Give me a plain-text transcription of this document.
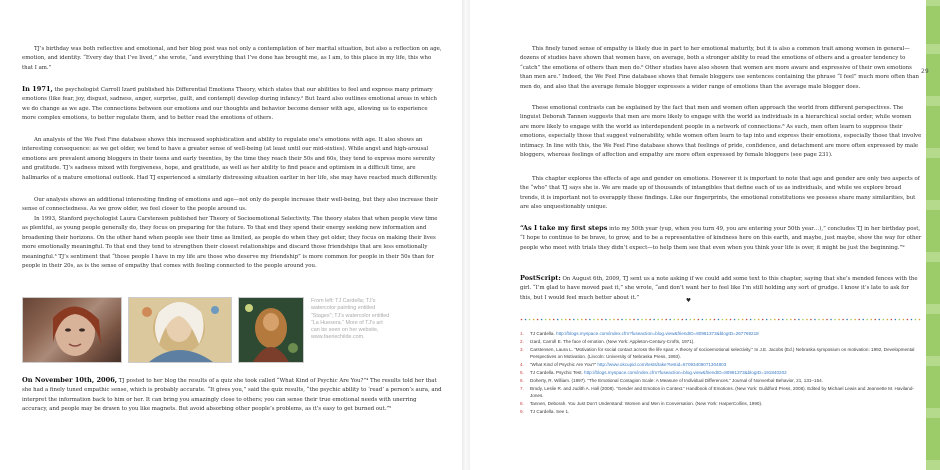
TJ’s birthday was both reflective and emotional, and her blog post was not only a contemplation of her marital situation, but also a reflection on age, emotion, and identity. “Every day that I’ve lived,” she wrote, “and everything that I’ve done has brought me, as I am, to this place in my life, this who that I am.”

In 1971, the psychologist Carroll Izard published his Differential Emotions Theory, which states that our abilities to feel and express many primary emotions (like fear, joy, disgust, sadness, anger, surprise, guilt, and contempt) develop during infancy.² But Izard also outlines emotional areas in which we do change as we age. The connections between our emotions and our thoughts and behavior become denser with age, allowing us to experience more complex emotions, to better regulate them, and to better read the emotions of others.

An analysis of the We Feel Fine database shows this increased sophistication and ability to regulate one’s emotions with age. It also shows an interesting consequence: as we get older, we tend to have a greater sense of well-being (at least until our mid-sixties). While angst and high-arousal emotions are prevalent among bloggers in their teens and early twenties, by the time they reach their 50s and 60s, they tend to express more serenity and gratitude. TJ’s sadness mixed with forgiveness, hope, and gratitude, as well as her ability to find peace and optimism in a difficult time, are hallmarks of a mature emotional outlook. Had TJ experienced a similarly distressing situation earlier in her life, she may have reacted much differently.

Our analysis shows an additional interesting finding of emotions and age—not only do people increase their well-being, but they also increase their sense of connectedness. As we grow older, we feel closer to the people around us.

In 1993, Stanford psychologist Laura Carstensen published her Theory of Socioemotional Selectivity. The theory states that when people view time as plentiful, as young people generally do, they focus on preparing for the future. To that end they spend their energy seeking new information and broadening their horizons. On the other hand when people see their time as limited, as people do when they get older, they focus on making their lives more emotionally meaningful. To that end they tend to strengthen their closest relationships and discard those friendships that are less emotionally meaningful.³ TJ’s sentiment that “those people I have in my life are those who deserve my friendship” is more common for people in their 50s than for people in their 20s, as is the sense of empathy that comes with feeling connected to the people around you.

From left: TJ Cardella; TJ’s watercolor painting entitled “Stages”; TJ’s watercolor entitled “La Huesera.” More of TJ’s art can be seen on her website, www.faeriechilde.com.

On November 10th, 2006, TJ posted to her blog the results of a quiz she took called “What Kind of Psychic Are You?”⁴ The results told her that she had a finely tuned empathic sense, which is probably accurate. “It gives you,” said the quiz results, “the psychic ability to ‘read’ a person’s aura, and interpret the information back to him or her. It can bring you amazingly close to others; you can sense their true emotional needs with unerring accuracy, and people may be drawn to you like magnets. But avoid absorbing other people’s problems, as it’s easy to get burned out.”⁵

This finely tuned sense of empathy is likely due in part to her emotional maturity, but it is also a common trait among women in general—dozens of studies have shown that women have, on average, both a stronger ability to read the emotions of others and a greater tendency to “catch” the emotions of others than men do.⁶ Other studies have also shown that women are more aware and expressive of their own emotions than men are.⁷ Indeed, the We Feel Fine database shows that female bloggers use sentences containing the phrase “I feel” much more often than men do, and also that the average female blogger expresses a wider range of emotions than the average male blogger does.

These emotional contrasts can be explained by the fact that men and women often approach the world from different perspectives. The linguist Deborah Tannen suggests that men are more likely to engage with the world as individuals in a hierarchical social order, while women are more likely to engage with the world as interdependent people in a network of connections.⁸ As such, men often learn to suppress their emotions, especially those that suggest vulnerability, while women often learn to tap into and express their emotions, especially those that involve intimacy. In line with this, the We Feel Fine database shows that feelings of pride, confidence, and detachment are more often expressed by male bloggers, whereas feelings of affection and empathy are more often expressed by female bloggers (see page 231).

This chapter explores the effects of age and gender on emotions. However it is important to note that age and gender are only two aspects of the “who” that TJ says she is. We are made up of thousands of intangibles that define each of us as individuals, and while we explore broad trends, it is important not to overapply these findings. Like our fingerprints, the emotional constitutions we possess share many similarities, but are also unquestionably unique.

“As I take my first steps into my 50th year (yup, when you turn 49, you are entering your 50th year…),” concludes TJ in her birthday post, “I hope to continue to be brave, to grow, and to be a representative of kindness here on this earth, and maybe, just maybe, show the way for other people who meet with trials they didn’t expect—to help them see that even when you think your life is over, it might be just the beginning.”⁹

PostScript: On August 6th, 2009, TJ sent us a note asking if we could add some text to this chapter, saying that she’s mended fences with the girl. “I’m glad to have moved past it,” she wrote, “and don’t want her to feel like I’m still holding any sort of grudge. I know it’s late to ask for this, but I would feel much better about it.”

♥
1. TJ Cardella. http://blogs.myspace.com/index.cfm?fuseaction=blog.view&friendID=80981373&blogID=267769218
2. Izard, Carroll E. The face of emotion. (New York: Appleton-Century-Crofts, 1971).
3. Carstensen, Laura L. “Motivation for social contact across the life span: A theory of socioemotional selectivity.” In J.E. Jacobs (Ed.) Nebraska symposium on motivation: 1992, Developmental Perspectives on Motivation. (Lincoln: University of Nebraska Press, 1993).
4. “What Kind of Psychic Are You?” http://www.okcupid.com/tests/take?testid=67093409071304803
5. TJ Cardella. Psychic Test. http://blogs.myspace.com/index.cfm?fuseaction=blog.view&friendID=80981373&blogID=191840202
6. Doherty, R. William. (1997). “The Emotional Contagion Scale: A Measure of Individual Differences.” Journal of Nonverbal Behavior, 21, 131–154.
7. Brody, Leslie R. and Judith A. Hall (2008). “Gender and Emotion in Context.” Handbook of Emotions. (New York: Guildford Press, 2008). Edited by Michael Lewis and Jeannette M. Haviland-Jones.
8. Tannen, Deborah. You Just Don’t Understand: Women and Men in Conversation. (New York: HarperCollins, 1990).
9. TJ Cardella. See 1.
29
